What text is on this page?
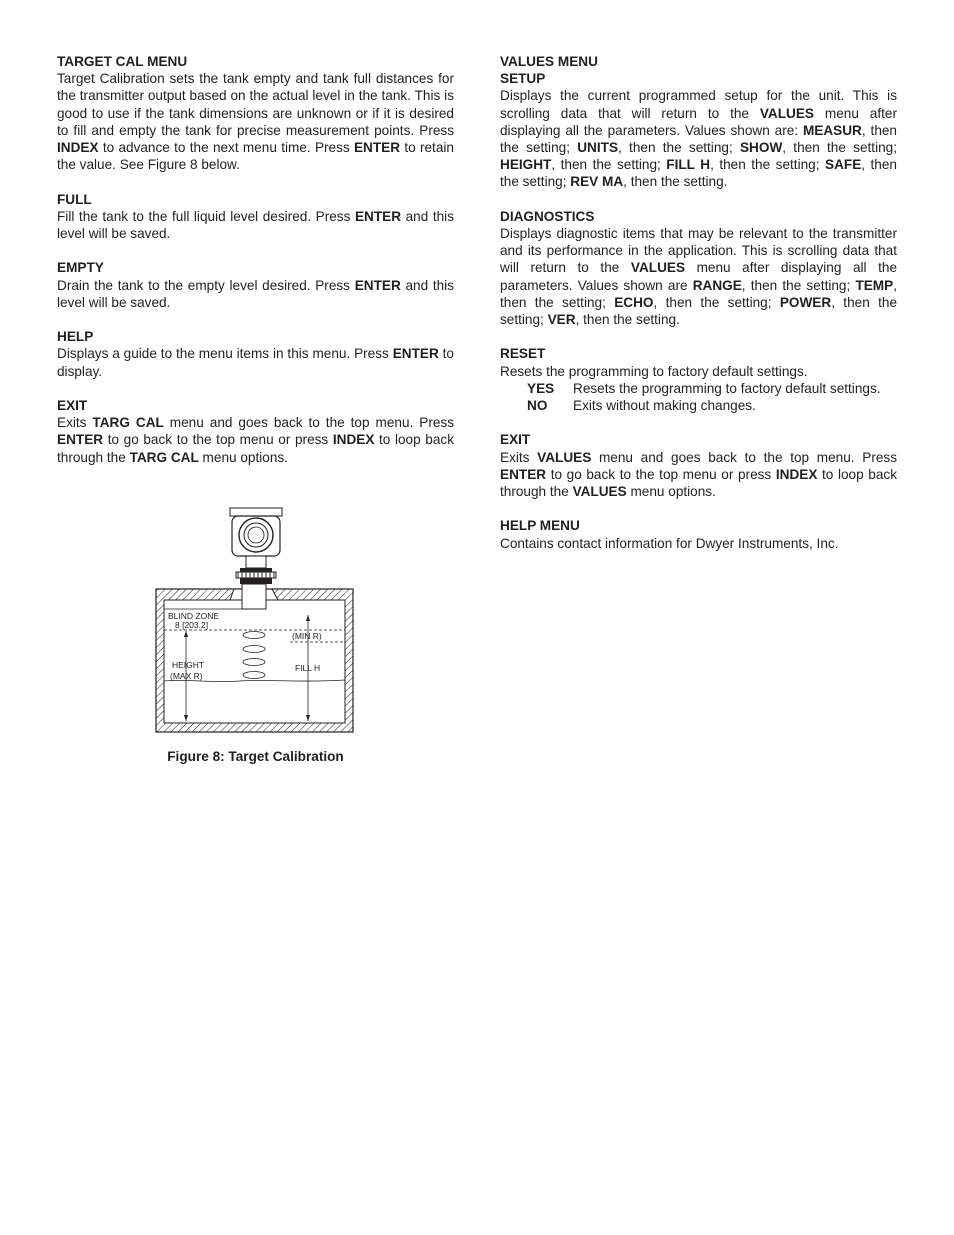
TARGET CAL MENU

Target Calibration sets the tank empty and tank full distances for the transmitter output based on the actual level in the tank. This is good to use if the tank dimensions are unknown or if it is desired to fill and empty the tank for precise measurement points. Press INDEX to advance to the next menu time. Press ENTER to retain the value. See Figure 8 below.

FULL

Fill the tank to the full liquid level desired. Press ENTER and this level will be saved.

EMPTY

Drain the tank to the empty level desired. Press ENTER and this level will be saved.

HELP

Displays a guide to the menu items in this menu. Press ENTER to display.

EXIT

Exits TARG CAL menu and goes back to the top menu. Press ENTER to go back to the top menu or press INDEX to loop back through the TARG CAL menu options.

BLIND ZONE
8 [203.2]
(MIN R)
HEIGHT
(MAX R)
FILL H
Figure 8: Target Calibration
VALUES MENU
SETUP

Displays the current programmed setup for the unit. This is scrolling data that will return to the VALUES menu after displaying all the parameters. Values shown are: MEASUR, then the setting; UNITS, then the setting; SHOW, then the setting; HEIGHT, then the setting; FILL H, then the setting; SAFE, then the setting; REV MA, then the setting.

DIAGNOSTICS

Displays diagnostic items that may be relevant to the transmitter and its performance in the application. This is scrolling data that will return to the VALUES menu after displaying all the parameters. Values shown are RANGE, then the setting; TEMP, then the setting; ECHO, then the setting; POWER, then the setting; VER, then the setting.

RESET

Resets the programming to factory default settings.

YES	Resets the programming to factory default settings.
NO	Exits without making changes.
EXIT

Exits VALUES menu and goes back to the top menu. Press ENTER to go back to the top menu or press INDEX to loop back through the VALUES menu options.

HELP MENU

Contains contact information for Dwyer Instruments, Inc.
